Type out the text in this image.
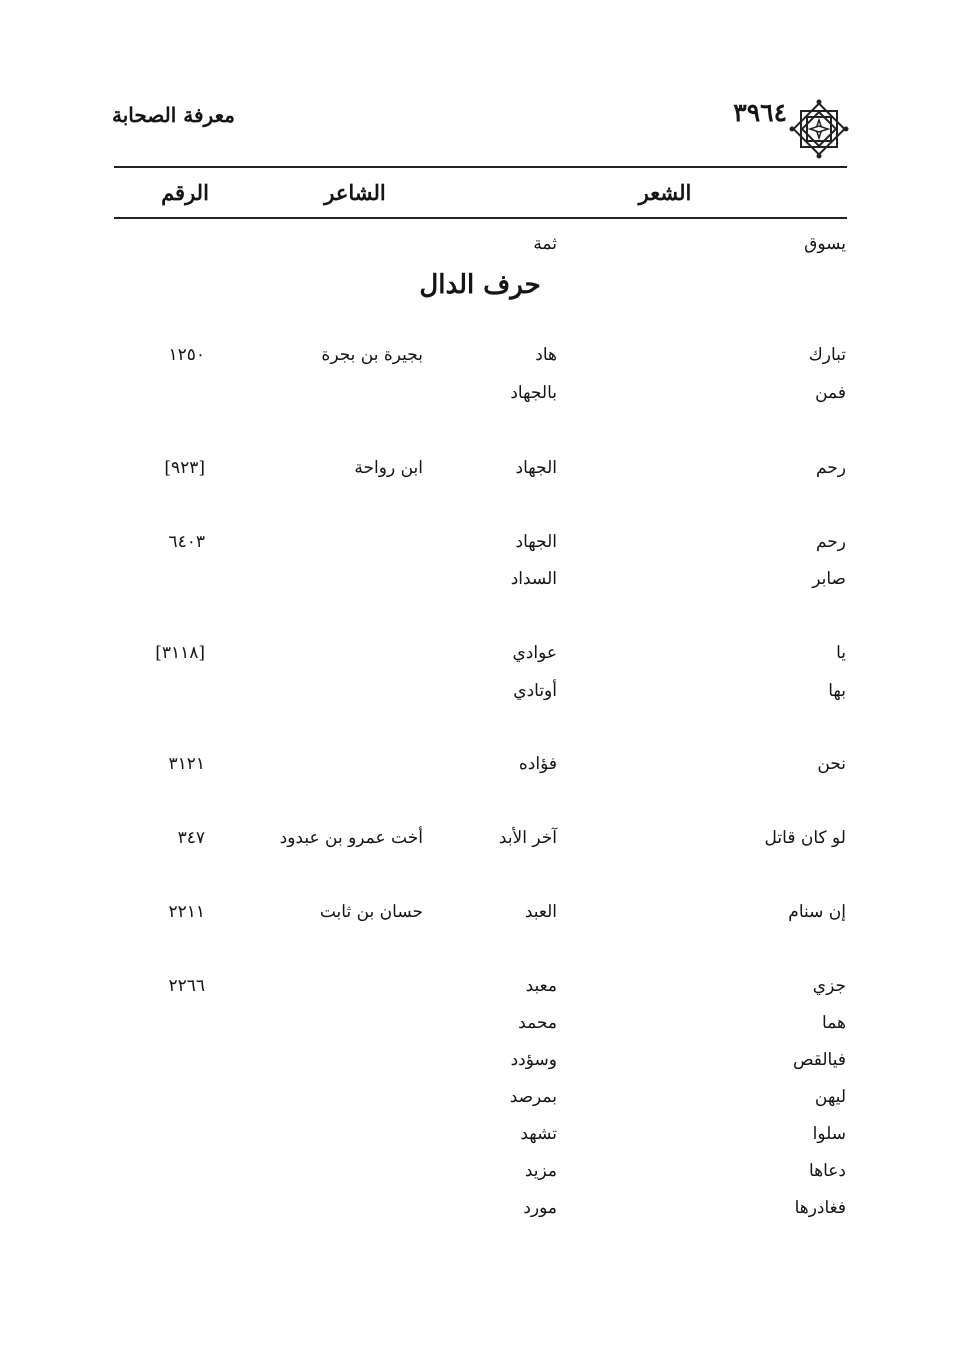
معرفة الصحابة	٣٩٦٤
الشعر
الشاعر
الرقم
يسوق
ثمة
حرف الدال
تبارك
هاد
بجيرة بن بجرة
١٢٥٠
فمن
بالجهاد
رحم
الجهاد
ابن رواحة
[٩٢٣]
رحم
الجهاد
٦٤٠٣
صابر
السداد
يا
عوادي
[٣١١٨]
بها
أوتادي
نحن
فؤاده
٣١٢١
لو كان قاتل
آخر الأبد
أخت عمرو بن عبدود
٣٤٧
إن سنام
العبد
حسان بن ثابت
٢٢١١
جزي
معبد
٢٢٦٦
هما
محمد
فيالقص
وسؤدد
ليهن
بمرصد
سلوا
تشهد
دعاها
مزيد
فغادرها
مورد
